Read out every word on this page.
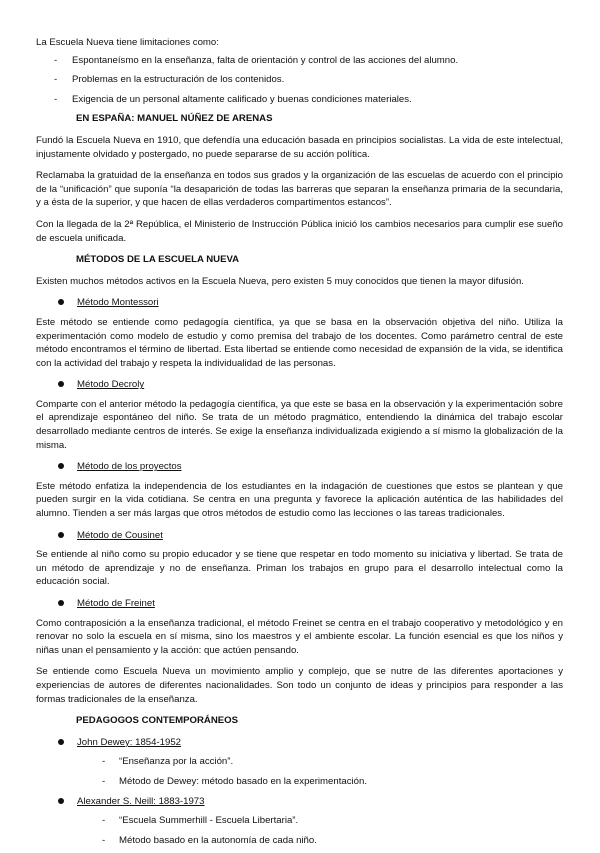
La Escuela Nueva tiene limitaciones como:

- Espontaneísmo en la enseñanza, falta de orientación y control de las acciones del alumno.
- Problemas en la estructuración de los contenidos.
- Exigencia de un personal altamente calificado y buenas condiciones materiales.
EN ESPAÑA: MANUEL NÚÑEZ DE ARENAS

Fundó la Escuela Nueva en 1910, que defendía una educación basada en principios socialistas. La vida de este intelectual, injustamente olvidado y postergado, no puede separarse de su acción política.

Reclamaba la gratuidad de la enseñanza en todos sus grados y la organización de las escuelas de acuerdo con el principio de la “unificación” que suponía “la desaparición de todas las barreras que separan la enseñanza primaria de la secundaria, y a ésta de la superior, y que hacen de ellas verdaderos compartimentos estancos”.

Con la llegada de la 2ª República, el Ministerio de Instrucción Pública inició los cambios necesarios para cumplir ese sueño de escuela unificada.

MÉTODOS DE LA ESCUELA NUEVA

Existen muchos métodos activos en la Escuela Nueva, pero existen 5 muy conocidos que tienen la mayor difusión.

Método Montessori

Este método se entiende como pedagogía científica, ya que se basa en la observación objetiva del niño. Utiliza la experimentación como modelo de estudio y como premisa del trabajo de los docentes. Como parámetro central de este método encontramos el término de libertad. Esta libertad se entiende como necesidad de expansión de la vida, se identifica con la actividad del trabajo y respeta la individualidad de las personas.

Método Decroly

Comparte con el anterior método la pedagogía científica, ya que este se basa en la observación y la experimentación sobre el aprendizaje espontáneo del niño. Se trata de un método pragmático, entendiendo la dinámica del trabajo escolar desarrollado mediante centros de interés. Se exige la enseñanza individualizada exigiendo a sí mismo la globalización de la misma.

Método de los proyectos

Este método enfatiza la independencia de los estudiantes en la indagación de cuestiones que estos se plantean y que pueden surgir en la vida cotidiana. Se centra en una pregunta y favorece la aplicación auténtica de las habilidades del alumno. Tienden a ser más largas que otros métodos de estudio como las lecciones o las tareas tradicionales.

Método de Cousinet

Se entiende al niño como su propio educador y se tiene que respetar en todo momento su iniciativa y libertad. Se trata de un método de aprendizaje y no de enseñanza. Priman los trabajos en grupo para el desarrollo intelectual como la educación social.

Método de Freinet

Como contraposición a la enseñanza tradicional, el método Freinet se centra en el trabajo cooperativo y metodológico y en renovar no solo la escuela en sí misma, sino los maestros y el ambiente escolar. La función esencial es que los niños y niñas unan el pensamiento y la acción: que actúen pensando.

Se entiende como Escuela Nueva un movimiento amplio y complejo, que se nutre de las diferentes aportaciones y experiencias de autores de diferentes nacionalidades. Son todo un conjunto de ideas y principios para responder a las formas tradicionales de la enseñanza.

PEDAGOGOS CONTEMPORÁNEOS
John Dewey: 1854-1952
- “Enseñanza por la acción”.
- Método de Dewey: método basado en la experimentación.
Alexander S. Neill: 1883-1973
- “Escuela Summerhill - Escuela Libertaria”.
- Método basado en la autonomía de cada niño.
